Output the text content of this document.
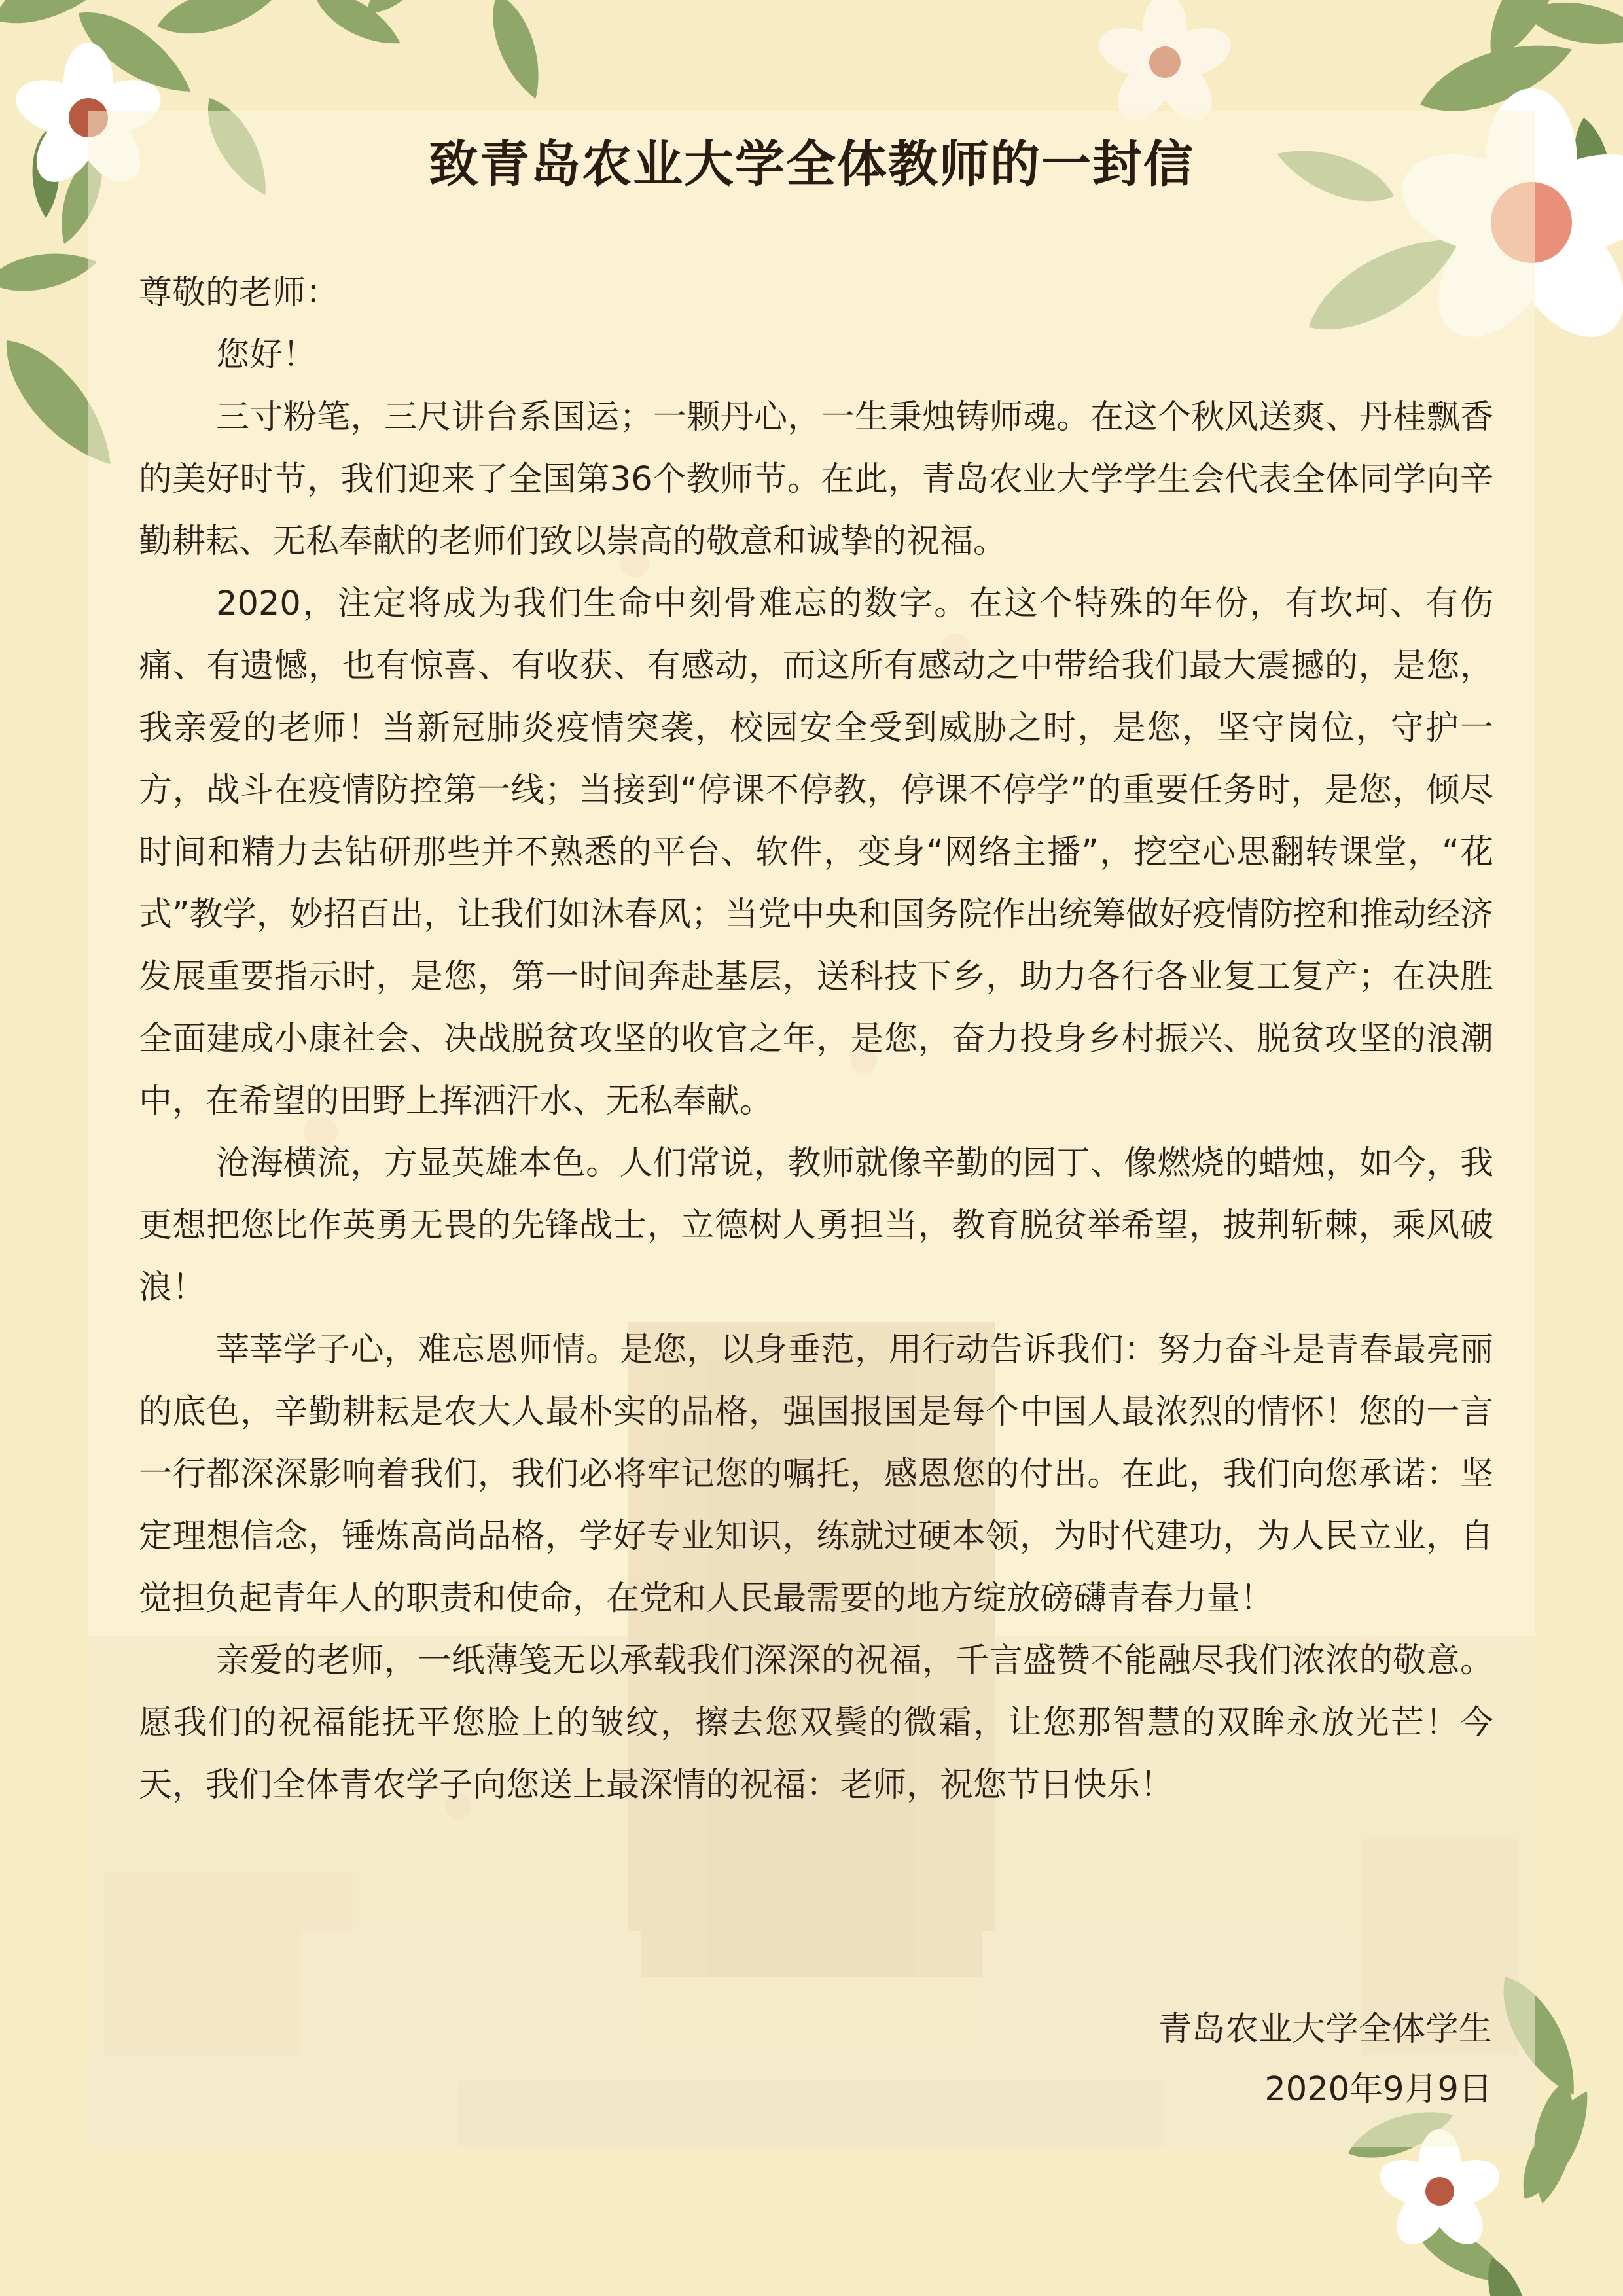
致青岛农业大学全体教师的一封信

尊敬的老师：

您好！

三寸粉笔，三尺讲台系国运；一颗丹心，一生秉烛铸师魂。在这个秋风送爽、丹桂飘香的美好时节，我们迎来了全国第36个教师节。在此，青岛农业大学学生会代表全体同学向辛勤耕耘、无私奉献的老师们致以崇高的敬意和诚挚的祝福。

2020，注定将成为我们生命中刻骨难忘的数字。在这个特殊的年份，有坎坷、有伤痛、有遗憾，也有惊喜、有收获、有感动，而这所有感动之中带给我们最大震撼的，是您，我亲爱的老师！当新冠肺炎疫情突袭，校园安全受到威胁之时，是您，坚守岗位，守护一方，战斗在疫情防控第一线；当接到“停课不停教，停课不停学”的重要任务时，是您，倾尽时间和精力去钻研那些并不熟悉的平台、软件，变身“网络主播”，挖空心思翻转课堂，“花式”教学，妙招百出，让我们如沐春风；当党中央和国务院作出统筹做好疫情防控和推动经济发展重要指示时，是您，第一时间奔赴基层，送科技下乡，助力各行各业复工复产；在决胜全面建成小康社会、决战脱贫攻坚的收官之年，是您，奋力投身乡村振兴、脱贫攻坚的浪潮中，在希望的田野上挥洒汗水、无私奉献。

沧海横流，方显英雄本色。人们常说，教师就像辛勤的园丁、像燃烧的蜡烛，如今，我更想把您比作英勇无畏的先锋战士，立德树人勇担当，教育脱贫举希望，披荆斩棘，乘风破浪！

莘莘学子心，难忘恩师情。是您，以身垂范，用行动告诉我们：努力奋斗是青春最亮丽的底色，辛勤耕耘是农大人最朴实的品格，强国报国是每个中国人最浓烈的情怀！您的一言一行都深深影响着我们，我们必将牢记您的嘱托，感恩您的付出。在此，我们向您承诺：坚定理想信念，锤炼高尚品格，学好专业知识，练就过硬本领，为时代建功，为人民立业，自觉担负起青年人的职责和使命，在党和人民最需要的地方绽放磅礴青春力量！

亲爱的老师，一纸薄笺无以承载我们深深的祝福，千言盛赞不能融尽我们浓浓的敬意。愿我们的祝福能抚平您脸上的皱纹，擦去您双鬓的微霜，让您那智慧的双眸永放光芒！今天，我们全体青农学子向您送上最深情的祝福：老师，祝您节日快乐！

青岛农业大学全体学生
2020年9月9日
